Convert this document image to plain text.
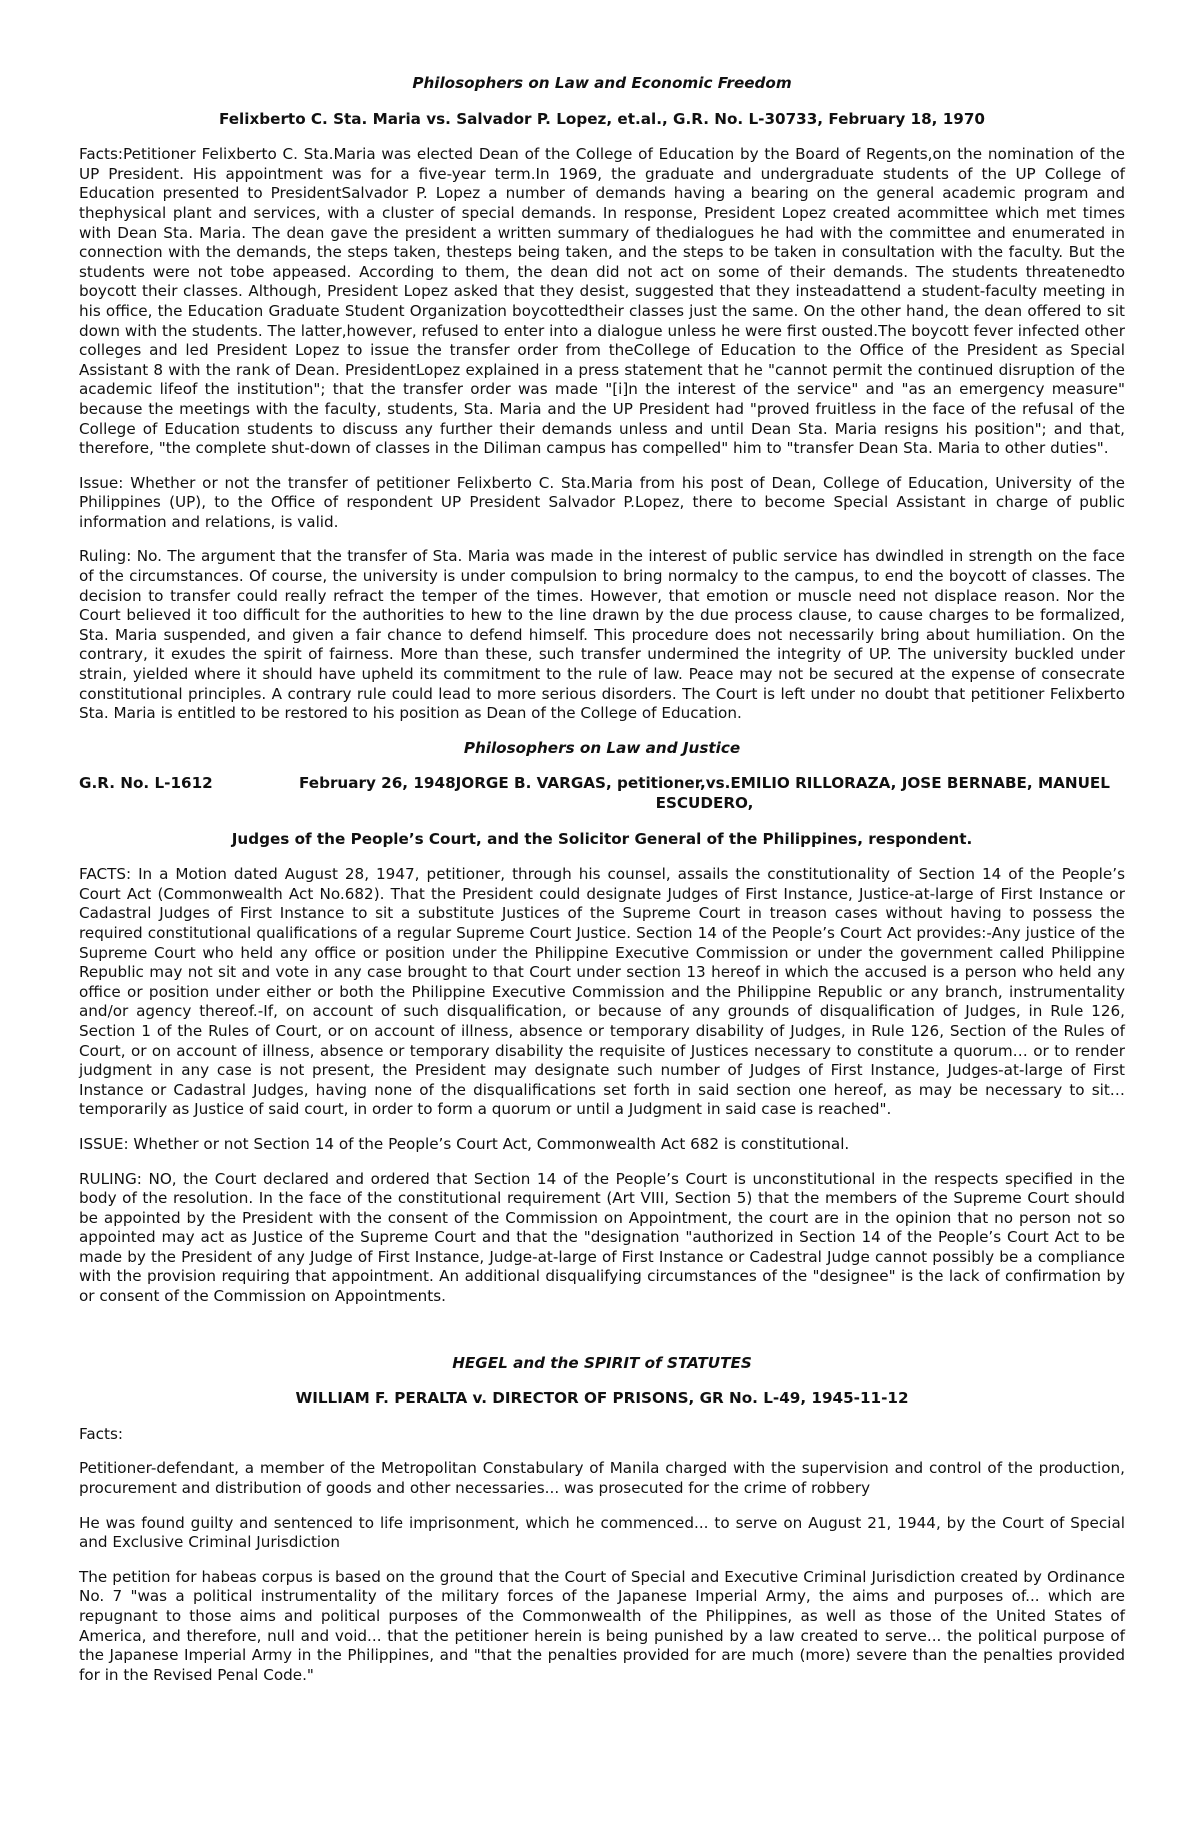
Philosophers on Law and Economic Freedom
Felixberto C. Sta. Maria vs. Salvador P. Lopez, et.al., G.R. No. L-30733, February 18, 1970

Facts:Petitioner Felixberto C. Sta.Maria was elected Dean of the College of Education by the Board of Regents,on the nomination of the UP President. His appointment was for a five-year term.In 1969, the graduate and undergraduate students of the UP College of Education presented to PresidentSalvador P. Lopez a number of demands having a bearing on the general academic program and thephysical plant and services, with a cluster of special demands. In response, President Lopez created acommittee which met times with Dean Sta. Maria. The dean gave the president a written summary of thedialogues he had with the committee and enumerated in connection with the demands, the steps taken, thesteps being taken, and the steps to be taken in consultation with the faculty. But the students were not tobe appeased. According to them, the dean did not act on some of their demands. The students threatenedto boycott their classes. Although, President Lopez asked that they desist, suggested that they insteadattend a student-faculty meeting in his office, the Education Graduate Student Organization boycottedtheir classes just the same. On the other hand, the dean offered to sit down with the students. The latter,however, refused to enter into a dialogue unless he were first ousted.The boycott fever infected other colleges and led President Lopez to issue the transfer order from theCollege of Education to the Office of the President as Special Assistant 8 with the rank of Dean. PresidentLopez explained in a press statement that he "cannot permit the continued disruption of the academic lifeof the institution"; that the transfer order was made "[i]n the interest of the service" and "as an emergency measure" because the meetings with the faculty, students, Sta. Maria and the UP President had "proved fruitless in the face of the refusal of the College of Education students to discuss any further their demands unless and until Dean Sta. Maria resigns his position"; and that, therefore, "the complete shut-down of classes in the Diliman campus has compelled" him to "transfer Dean Sta. Maria to other duties".

Issue: Whether or not the transfer of petitioner Felixberto C. Sta.Maria from his post of Dean, College of Education, University of the Philippines (UP), to the Office of respondent UP President Salvador P.Lopez, there to become Special Assistant in charge of public information and relations, is valid.

Ruling: No. The argument that the transfer of Sta. Maria was made in the interest of public service has dwindled in strength on the face of the circumstances. Of course, the university is under compulsion to bring normalcy to the campus, to end the boycott of classes. The decision to transfer could really refract the temper of the times. However, that emotion or muscle need not displace reason. Nor the Court believed it too difficult for the authorities to hew to the line drawn by the due process clause, to cause charges to be formalized, Sta. Maria suspended, and given a fair chance to defend himself. This procedure does not necessarily bring about humiliation. On the contrary, it exudes the spirit of fairness. More than these, such transfer undermined the integrity of UP. The university buckled under strain, yielded where it should have upheld its commitment to the rule of law. Peace may not be secured at the expense of consecrate constitutional principles. A contrary rule could lead to more serious disorders. The Court is left under no doubt that petitioner Felixberto Sta. Maria is entitled to be restored to his position as Dean of the College of Education.

Philosophers on Law and Justice
G.R. No. L-1612	February 26, 1948JORGE B. VARGAS, petitioner,vs.EMILIO RILLORAZA, JOSE BERNABE, MANUEL ESCUDERO,
Judges of the People’s Court, and the Solicitor General of the Philippines, respondent.

FACTS: In a Motion dated August 28, 1947, petitioner, through his counsel, assails the constitutionality of Section 14 of the People’s Court Act (Commonwealth Act No.682). That the President could designate Judges of First Instance, Justice-at-large of First Instance or Cadastral Judges of First Instance to sit a substitute Justices of the Supreme Court in treason cases without having to possess the required constitutional qualifications of a regular Supreme Court Justice. Section 14 of the People’s Court Act provides:-Any justice of the Supreme Court who held any office or position under the Philippine Executive Commission or under the government called Philippine Republic may not sit and vote in any case brought to that Court under section 13 hereof in which the accused is a person who held any office or position under either or both the Philippine Executive Commission and the Philippine Republic or any branch, instrumentality and/or agency thereof.-If, on account of such disqualification, or because of any grounds of disqualification of Judges, in Rule 126, Section 1 of the Rules of Court, or on account of illness, absence or temporary disability of Judges, in Rule 126, Section of the Rules of Court, or on account of illness, absence or temporary disability the requisite of Justices necessary to constitute a quorum… or to render judgment in any case is not present, the President may designate such number of Judges of First Instance, Judges-at-large of First Instance or Cadastral Judges, having none of the disqualifications set forth in said section one hereof, as may be necessary to sit…temporarily as Justice of said court, in order to form a quorum or until a Judgment in said case is reached".

ISSUE: Whether or not Section 14 of the People’s Court Act, Commonwealth Act 682 is constitutional.

RULING: NO, the Court declared and ordered that Section 14 of the People’s Court is unconstitutional in the respects specified in the body of the resolution. In the face of the constitutional requirement (Art VIII, Section 5) that the members of the Supreme Court should be appointed by the President with the consent of the Commission on Appointment, the court are in the opinion that no person not so appointed may act as Justice of the Supreme Court and that the "designation "authorized in Section 14 of the People’s Court Act to be made by the President of any Judge of First Instance, Judge-at-large of First Instance or Cadestral Judge cannot possibly be a compliance with the provision requiring that appointment. An additional disqualifying circumstances of the "designee" is the lack of confirmation by or consent of the Commission on Appointments.

HEGEL and the SPIRIT of STATUTES
WILLIAM F. PERALTA v. DIRECTOR OF PRISONS, GR No. L-49, 1945-11-12

Facts:

Petitioner-defendant, a member of the Metropolitan Constabulary of Manila charged with the supervision and control of the production, procurement and distribution of goods and other necessaries... was prosecuted for the crime of robbery

He was found guilty and sentenced to life imprisonment, which he commenced... to serve on August 21, 1944, by the Court of Special and Exclusive Criminal Jurisdiction

The petition for habeas corpus is based on the ground that the Court of Special and Executive Criminal Jurisdiction created by Ordinance No. 7 "was a political instrumentality of the military forces of the Japanese Imperial Army, the aims and purposes of... which are repugnant to those aims and political purposes of the Commonwealth of the Philippines, as well as those of the United States of America, and therefore, null and void... that the petitioner herein is being punished by a law created to serve... the political purpose of the Japanese Imperial Army in the Philippines, and "that the penalties provided for are much (more) severe than the penalties provided for in the Revised Penal Code."
